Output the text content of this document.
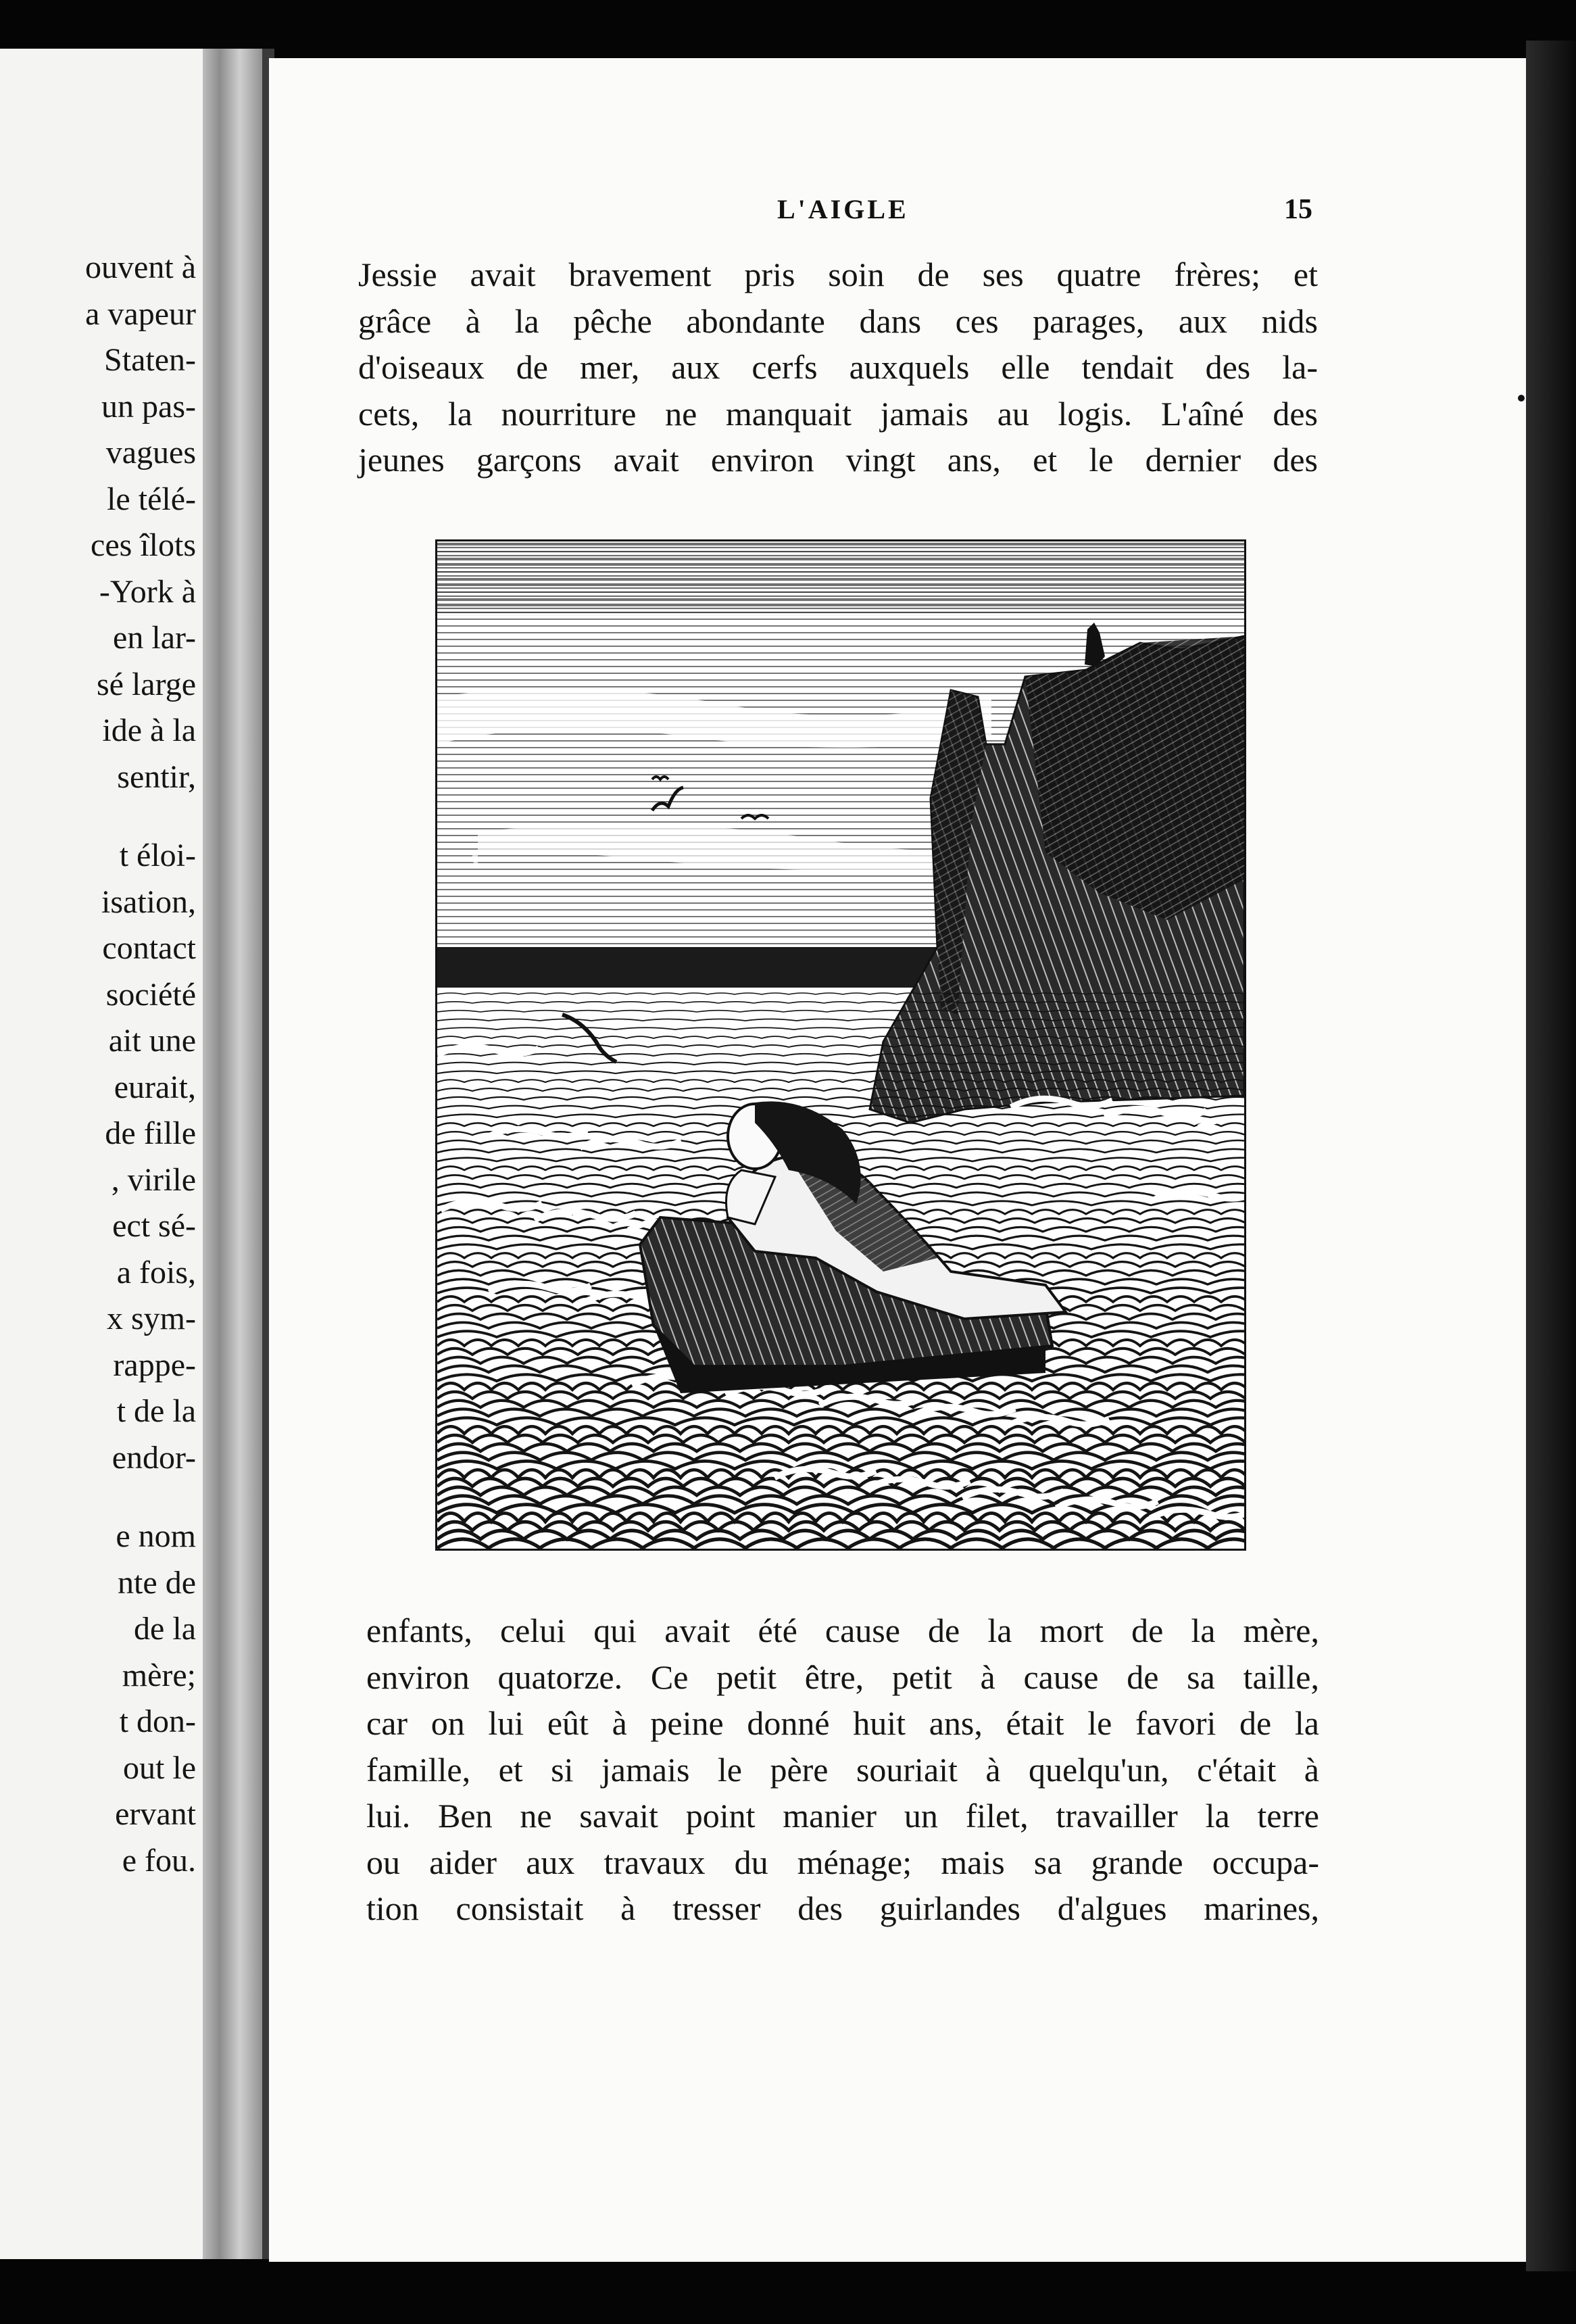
ouvent à
a vapeur
Staten-
un pas-
vagues
le télé-
ces îlots
-York à
en lar-
sé large
ide à la
sentir,
t éloi-
isation,
contact
société
ait une
eurait,
de fille
, virile
ect sé-
a fois,
x sym-
rappe-
t de la
endor-
e nom
nte de
de la
mère;
t don-
out le
ervant
e fou.
L'AIGLE	15
Jessie avait bravement pris soin de ses quatre frères; et
grâce à la pêche abondante dans ces parages, aux nids
d'oiseaux de mer, aux cerfs auxquels elle tendait des la-
cets, la nourriture ne manquait jamais au logis. L'aîné des
jeunes garçons avait environ vingt ans, et le dernier des
enfants, celui qui avait été cause de la mort de la mère,
environ quatorze. Ce petit être, petit à cause de sa taille,
car on lui eût à peine donné huit ans, était le favori de la
famille, et si jamais le père souriait à quelqu'un, c'était à
lui. Ben ne savait point manier un filet, travailler la terre
ou aider aux travaux du ménage; mais sa grande occupa-
tion consistait à tresser des guirlandes d'algues marines,
